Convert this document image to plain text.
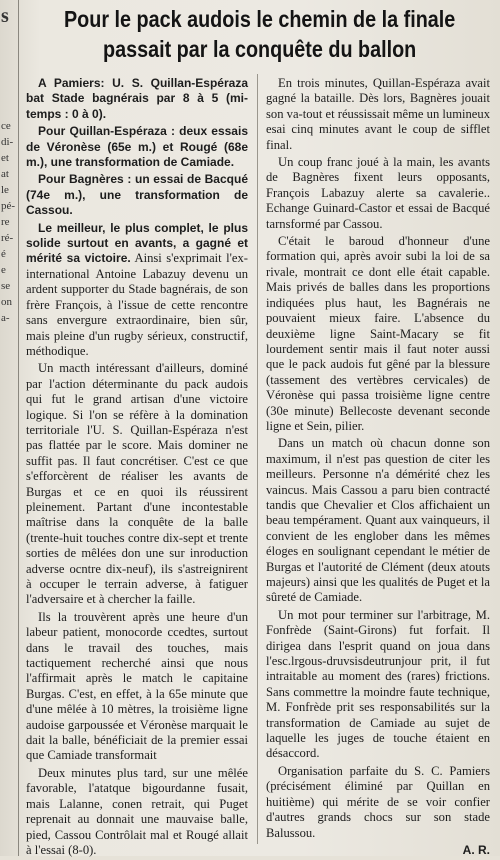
s
ce
di-
et
at
le
pé-
re
ré-
é
e
se
on
a-
Pour le pack audois le chemin de la finale
passait par la conquête du ballon

A Pamiers: U. S. Quillan-Espéraza bat Stade bagnérais par 8 à 5 (mi-temps : 0 à 0).

Pour Quillan-Espéraza : deux essais de Véronèse (65e m.) et Rougé (68e m.), une transformation de Camiade.

Pour Bagnères : un essai de Bacqué (74e m.), une transformation de Cassou.

Le meilleur, le plus complet, le plus solide surtout en avants, a gagné et mérité sa victoire. Ainsi s'exprimait l'ex-international Antoine Labazuy devenu un ardent supporter du Stade bagnérais, de son frère François, à l'issue de cette rencontre sans envergure extraordinaire, bien sûr, mais pleine d'un rugby sérieux, constructif, méthodique.

Un macth intéressant d'ailleurs, dominé par l'action déterminante du pack audois qui fut le grand artisan d'une victoire logique. Si l'on se réfère à la domination territoriale l'U. S. Quillan-Espéraza n'est pas flattée par le score. Mais dominer ne suffit pas. Il faut concrétiser. C'est ce que s'efforcèrent de réaliser les avants de Burgas et ce en quoi ils réussirent pleinement. Partant d'une incontestable maîtrise dans la conquête de la balle (trente-huit touches contre dix-sept et trente sorties de mêlées don une sur inroduction adverse ocntre dix-neuf), ils s'astreignirent à occuper le terrain adverse, à fatiguer l'adversaire et à chercher la faille.

Ils la trouvèrent après une heure d'un labeur patient, monocorde ccedtes, surtout dans le travail des touches, mais tactiquement recherché ainsi que nous l'affirmait après le match le capitaine Burgas. C'est, en effet, à la 65e minute que d'une mêlée à 10 mètres, la troisième ligne audoise garpoussée et Véronèse marquait le dait la balle, bénéficiait de la premier essai que Camiade transformait

Deux minutes plus tard, sur une mêlée favorable, l'atatque bigourdanne fusait, mais Lalanne, conen retrait, qui Puget reprenait au donnait une mauvaise balle, pied, Cassou Contrôlait mal et Rougé allait à l'essai (8-0).

En trois minutes, Quillan-Espéraza avait gagné la bataille. Dès lors, Bagnères jouait son va-tout et réussissait même un lumineux esai cinq minutes avant le coup de sifflet final.

Un coup franc joué à la main, les avants de Bagnères fixent leurs opposants, François Labazuy alerte sa cavalerie.. Echange Guinard-Castor et essai de Bacqué tarnsformé par Cassou.

C'était le baroud d'honneur d'une formation qui, après avoir subi la loi de sa rivale, montrait ce dont elle était capable. Mais privés de balles dans les proportions indiquées plus haut, les Bagnérais ne pouvaient mieux faire. L'absence du deuxième ligne Saint-Macary se fit lourdement sentir mais il faut noter aussi que le pack audois fut gêné par la blessure (tassement des vertèbres cervicales) de Véronèse qui passa troisième ligne centre (30e minute) Bellecoste devenant seconde ligne et Sein, pilier.

Dans un match où chacun donne son maximum, il n'est pas question de citer les meilleurs. Personne n'a démérité chez les vaincus. Mais Cassou a paru bien contracté tandis que Chevalier et Clos affichaient un beau tempérament. Quant aux vainqueurs, il convient de les englober dans les mêmes éloges en soulignant cependant le métier de Burgas et l'autorité de Clément (deux atouts majeurs) ainsi que les qualités de Puget et la sûreté de Camiade.

Un mot pour terminer sur l'arbitrage, M. Fonfrède (Saint-Girons) fut forfait. Il dirigea dans l'esprit quand on joua dans l'esc.lrgous-druvsisdeutrunjour prit, il fut intraitable au moment des (rares) frictions. Sans commettre la moindre faute technique, M. Fonfrède prit ses responsabilités sur la transformation de Camiade au sujet de laquelle les juges de touche étaient en désaccord.

Organisation parfaite du S. C. Pamiers (précisément éliminé par Quillan en huitième) qui mérite de se voir confier d'autres grands chocs sur son stade Balussou.

A. R.
